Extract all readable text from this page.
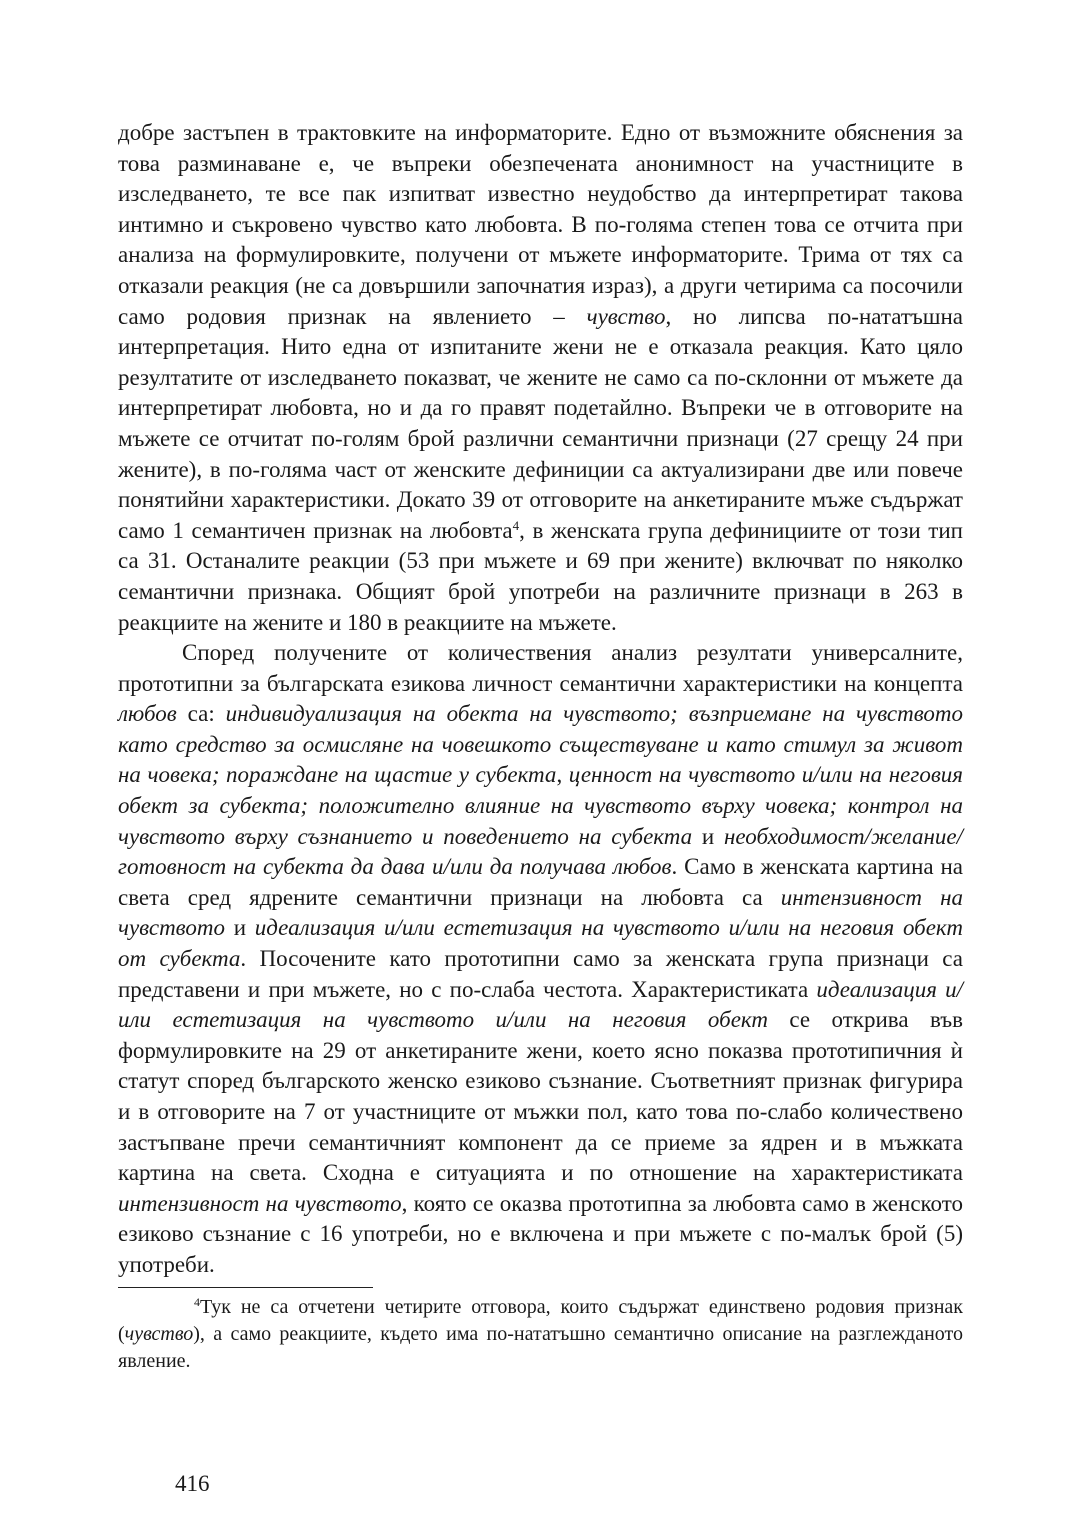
добре застъпен в трактовките на информаторите. Едно от възможните обяснения за това разминаване е, че въпреки обезпечената анонимност на участниците в изследването, те все пак изпитват известно неудобство да интерпретират такова интимно и съкровено чувство като любовта. В по-голяма степен това се отчита при анализа на формулировките, получени от мъжете информаторите. Трима от тях са отказали реакция (не са довършили започнатия израз), а други четирима са посочили само родовия признак на явлението – чувство, но липсва по-нататъшна интерпретация. Нито една от изпитаните жени не е отказала реакция. Като цяло резултатите от изследването показват, че жените не само са по-склонни от мъжете да интерпретират любовта, но и да го правят подетайлно. Въпреки че в отговорите на мъжете се отчитат по-голям брой различни семантични признаци (27 срещу 24 при жените), в по-голяма част от женските дефиниции са актуализирани две или повече понятийни характеристики. Докато 39 от отговорите на анкетираните мъже съдържат само 1 семантичен признак на любовта$^4$, в женската група дефинициите от този тип са 31. Останалите реакции (53 при мъжете и 69 при жените) включват по няколко семантични признака. Общият брой употреби на различните признаци в 263 в реакциите на жените и 180 в реакциите на мъжете.

Според получените от количествения анализ резултати универсалните, прототипни за българската езикова личност семантични характеристики на концепта любов са: индивидуализация на обекта на чувството; възприемане на чувството като средство за осмисляне на човешкото съществуване и като стимул за живот на човека; пораждане на щастие у субекта, ценност на чувството и/или на неговия обект за субекта; положително влияние на чувството върху човека; контрол на чувството върху съзнанието и поведението на субекта и необходимост/желание/готовност на субекта да дава и/или да получава любов. Само в женската картина на света сред ядрените семантични признаци на любовта са интензивност на чувството и идеализация и/или естетизация на чувството и/или на неговия обект от субекта. Посочените като прототипни само за женската група признаци са представени и при мъжете, но с по-слаба честота. Характеристиката идеализация и/или естетизация на чувството и/или на неговия обект се открива във формулировките на 29 от анкетираните жени, което ясно показва прототипичния ѝ статут според българското женско езиково съзнание. Съответният признак фигурира и в отговорите на 7 от участниците от мъжки пол, като това по-слабо количествено застъпване пречи семантичният компонент да се приеме за ядрен и в мъжката картина на света. Сходна е ситуацията и по отношение на характеристиката интензивност на чувството, която се оказва прототипна за любовта само в женското езиково съзнание с 16 употреби, но е включена и при мъжете с по-малък брой (5) употреби.

$^4$Тук не са отчетени четирите отговора, които съдържат единствено родовия признак (чувство), а само реакциите, където има по-нататъшно семантично описание на разглежданото явление.

416
